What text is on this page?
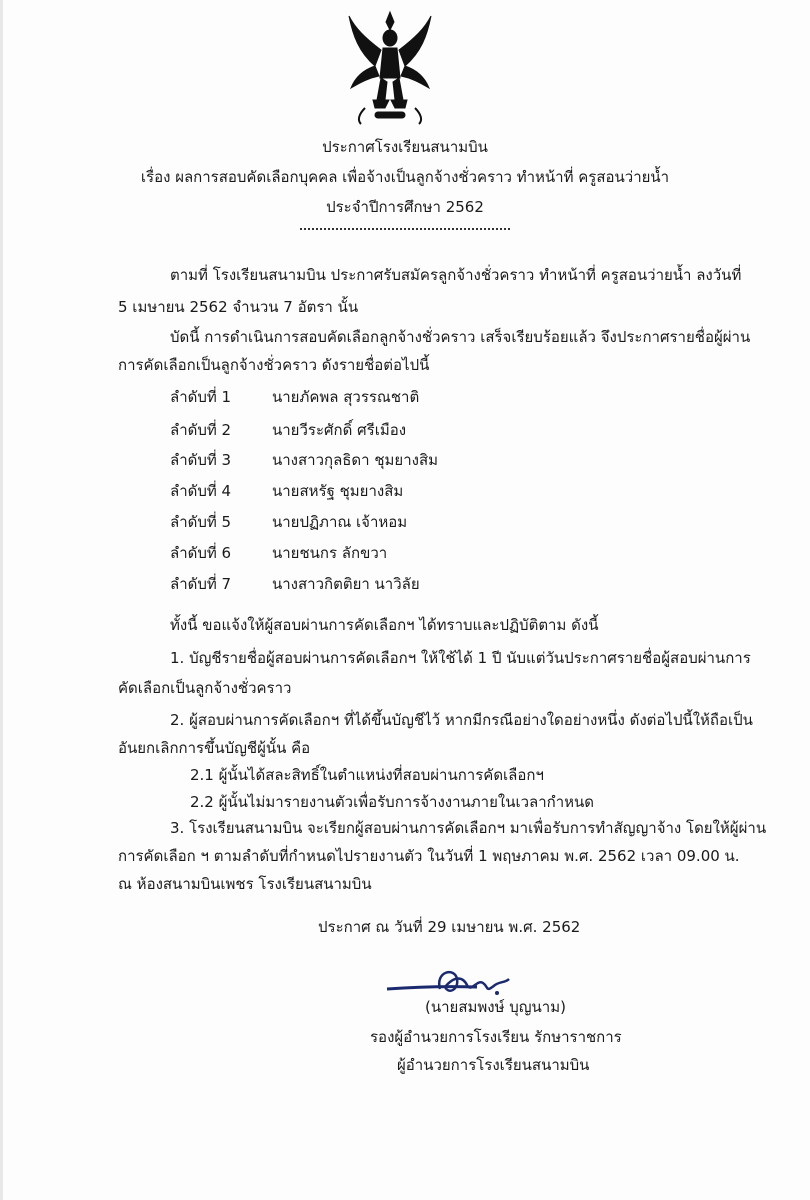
ประกาศโรงเรียนสนามบิน
เรื่อง ผลการสอบคัดเลือกบุคคล เพื่อจ้างเป็นลูกจ้างชั่วคราว ทำหน้าที่ ครูสอนว่ายน้ำ
ประจำปีการศึกษา 2562
ตามที่ โรงเรียนสนามบิน ประกาศรับสมัครลูกจ้างชั่วคราว ทำหน้าที่ ครูสอนว่ายน้ำ ลงวันที่
5 เมษายน 2562 จำนวน 7 อัตรา นั้น
บัดนี้ การดำเนินการสอบคัดเลือกลูกจ้างชั่วคราว เสร็จเรียบร้อยแล้ว จึงประกาศรายชื่อผู้ผ่าน
การคัดเลือกเป็นลูกจ้างชั่วคราว ดังรายชื่อต่อไปนี้
ลำดับที่ 1	นายภัคพล สุวรรณชาติ
ลำดับที่ 2	นายวีระศักดิ์ ศรีเมือง
ลำดับที่ 3	นางสาวกุลธิดา ชุมยางสิม
ลำดับที่ 4	นายสหรัฐ ชุมยางสิม
ลำดับที่ 5	นายปฏิภาณ เจ้าหอม
ลำดับที่ 6	นายชนกร ลักขวา
ลำดับที่ 7	นางสาวกิตติยา นาวิลัย
ทั้งนี้ ขอแจ้งให้ผู้สอบผ่านการคัดเลือกฯ ได้ทราบและปฏิบัติตาม ดังนี้
1. บัญชีรายชื่อผู้สอบผ่านการคัดเลือกฯ ให้ใช้ได้ 1 ปี นับแต่วันประกาศรายชื่อผู้สอบผ่านการ
คัดเลือกเป็นลูกจ้างชั่วคราว
2. ผู้สอบผ่านการคัดเลือกฯ ที่ได้ขึ้นบัญชีไว้ หากมีกรณีอย่างใดอย่างหนึ่ง ดังต่อไปนี้ให้ถือเป็น
อันยกเลิกการขึ้นบัญชีผู้นั้น คือ
2.1 ผู้นั้นได้สละสิทธิ์ในตำแหน่งที่สอบผ่านการคัดเลือกฯ
2.2 ผู้นั้นไม่มารายงานตัวเพื่อรับการจ้างงานภายในเวลากำหนด
3. โรงเรียนสนามบิน จะเรียกผู้สอบผ่านการคัดเลือกฯ มาเพื่อรับการทำสัญญาจ้าง โดยให้ผู้ผ่าน
การคัดเลือก ฯ ตามลำดับที่กำหนดไปรายงานตัว ในวันที่ 1 พฤษภาคม พ.ศ. 2562 เวลา 09.00 น.
ณ ห้องสนามบินเพชร โรงเรียนสนามบิน
ประกาศ ณ วันที่ 29 เมษายน พ.ศ. 2562
(นายสมพงษ์ บุญนาม)
รองผู้อำนวยการโรงเรียน รักษาราชการ
ผู้อำนวยการโรงเรียนสนามบิน
